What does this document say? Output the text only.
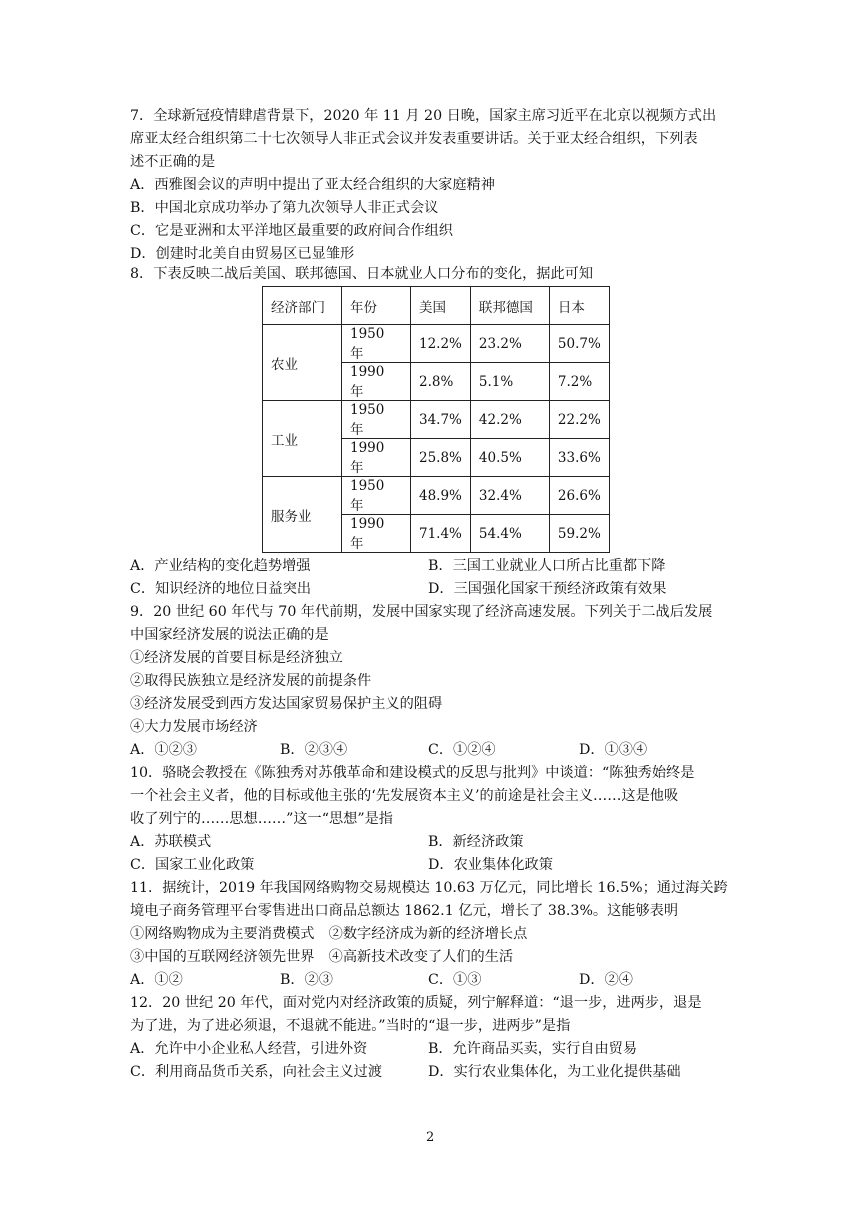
7．全球新冠疫情肆虐背景下，2020 年 11 月 20 日晚，国家主席习近平在北京以视频方式出
席亚太经合组织第二十七次领导人非正式会议并发表重要讲话。关于亚太经合组织，下列表
述不正确的是
A．西雅图会议的声明中提出了亚太经合组织的大家庭精神
B．中国北京成功举办了第九次领导人非正式会议
C．它是亚洲和太平洋地区最重要的政府间合作组织
D．创建时北美自由贸易区已显雏形
8．下表反映二战后美国、联邦德国、日本就业人口分布的变化，据此可知
经济部门	年份	美国	联邦德国	日本
农业	1950 年	12.2%	23.2%	50.7%
	1990 年	2.8%	5.1%	7.2%
工业	1950 年	34.7%	42.2%	22.2%
	1990 年	25.8%	40.5%	33.6%
服务业	1950 年	48.9%	32.4%	26.6%
	1990 年	71.4%	54.4%	59.2%
A．产业结构的变化趋势增强	B．三国工业就业人口所占比重都下降
C．知识经济的地位日益突出	D．三国强化国家干预经济政策有效果
9．20 世纪 60 年代与 70 年代前期，发展中国家实现了经济高速发展。下列关于二战后发展
中国家经济发展的说法正确的是
①经济发展的首要目标是经济独立
②取得民族独立是经济发展的前提条件
③经济发展受到西方发达国家贸易保护主义的阻碍
④大力发展市场经济
A．①②③	B．②③④	C．①②④	D．①③④
10．骆晓会教授在《陈独秀对苏俄革命和建设模式的反思与批判》中谈道：“陈独秀始终是
一个社会主义者，他的目标或他主张的‘先发展资本主义’的前途是社会主义……这是他吸
收了列宁的……思想……”这一“思想”是指
A．苏联模式	B．新经济政策
C．国家工业化政策	D．农业集体化政策
11．据统计，2019 年我国网络购物交易规模达 10.63 万亿元，同比增长 16.5%；通过海关跨
境电子商务管理平台零售进出口商品总额达 1862.1 亿元，增长了 38.3%。这能够表明
①网络购物成为主要消费模式　②数字经济成为新的经济增长点
③中国的互联网经济领先世界　④高新技术改变了人们的生活
A．①②	B．②③	C．①③	D．②④
12．20 世纪 20 年代，面对党内对经济政策的质疑，列宁解释道：“退一步，进两步，退是
为了进，为了进必须退，不退就不能进。”当时的“退一步，进两步”是指
A．允许中小企业私人经营，引进外资	B．允许商品买卖，实行自由贸易
C．利用商品货币关系，向社会主义过渡	D．实行农业集体化，为工业化提供基础
2
